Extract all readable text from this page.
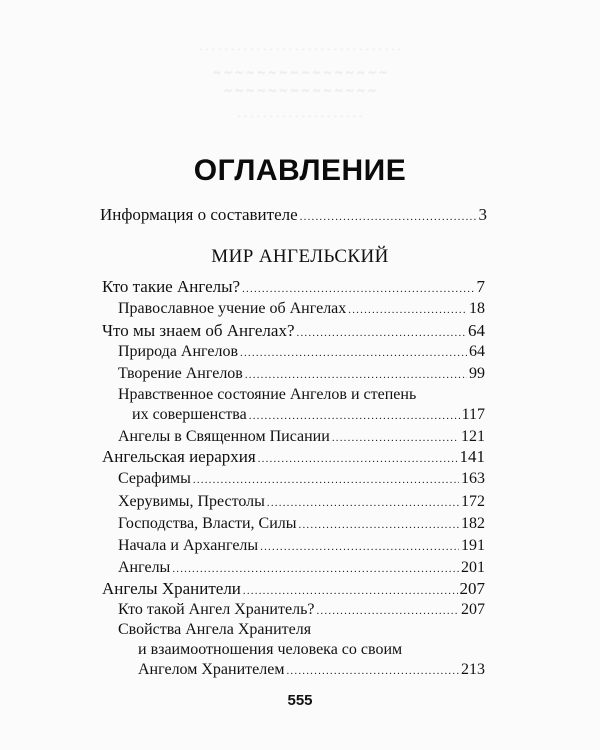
· · · · · · · · · · · · · · · · · · · · · · · · · · · · · · · ·
~ ~ ~ ~ ~ ~ ~ ~ ~ ~ ~ ~ ~ ~ ~ ~
~ ~ ~ ~ ~ ~ ~ ~ ~ ~ ~ ~ ~ ~
· · · · · · · · · · · · · · · · · · · ·
ОГЛАВЛЕНИЕ
Информация о составителе .....	3
МИР АНГЕЛЬСКИЙ
Кто такие Ангелы? .....	7
Православное учение об Ангелах .....	18
Что мы знаем об Ангелах? .....	64
Природа Ангелов .....	64
Творение Ангелов .....	99
Нравственное состояние Ангелов и степень
их совершенства .....	117
Ангелы в Священном Писании .....	121
Ангельская иерархия .....	141
Серафимы .....	163
Херувимы, Престолы .....	172
Господства, Власти, Силы .....	182
Начала и Архангелы .....	191
Ангелы .....	201
Ангелы Хранители .....	207
Кто такой Ангел Хранитель? .....	207
Свойства Ангела Хранителя
и взаимоотношения человека со своим
Ангелом Хранителем .....	213
555
